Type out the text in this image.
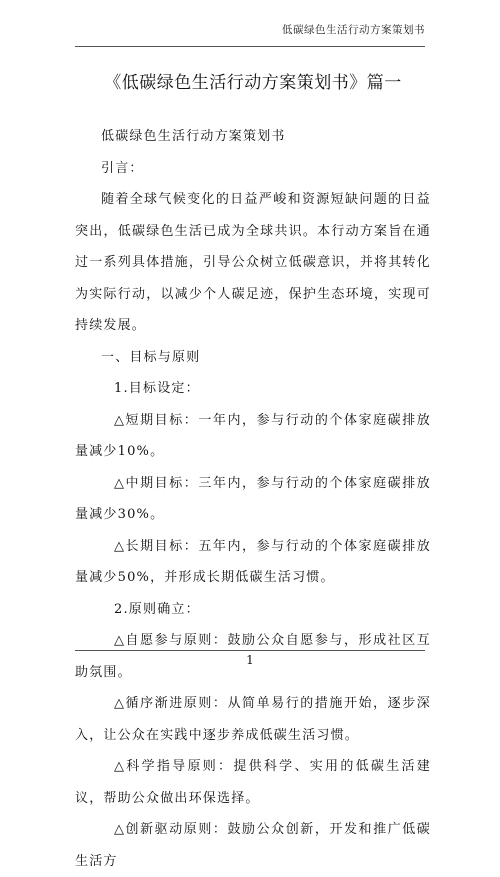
低碳绿色生活行动方案策划书
《低碳绿色生活行动方案策划书》篇一

低碳绿色生活行动方案策划书

引言：

随着全球气候变化的日益严峻和资源短缺问题的日益突出，低碳绿色生活已成为全球共识。本行动方案旨在通过一系列具体措施，引导公众树立低碳意识，并将其转化为实际行动，以减少个人碳足迹，保护生态环境，实现可持续发展。

一、目标与原则

1.目标设定：

△短期目标：一年内，参与行动的个体家庭碳排放量减少10%。

△中期目标：三年内，参与行动的个体家庭碳排放量减少30%。

△长期目标：五年内，参与行动的个体家庭碳排放量减少50%，并形成长期低碳生活习惯。

2.原则确立：

△自愿参与原则：鼓励公众自愿参与，形成社区互助氛围。

△循序渐进原则：从简单易行的措施开始，逐步深入，让公众在实践中逐步养成低碳生活习惯。

△科学指导原则：提供科学、实用的低碳生活建议，帮助公众做出环保选择。

△创新驱动原则：鼓励公众创新，开发和推广低碳生活方

1
